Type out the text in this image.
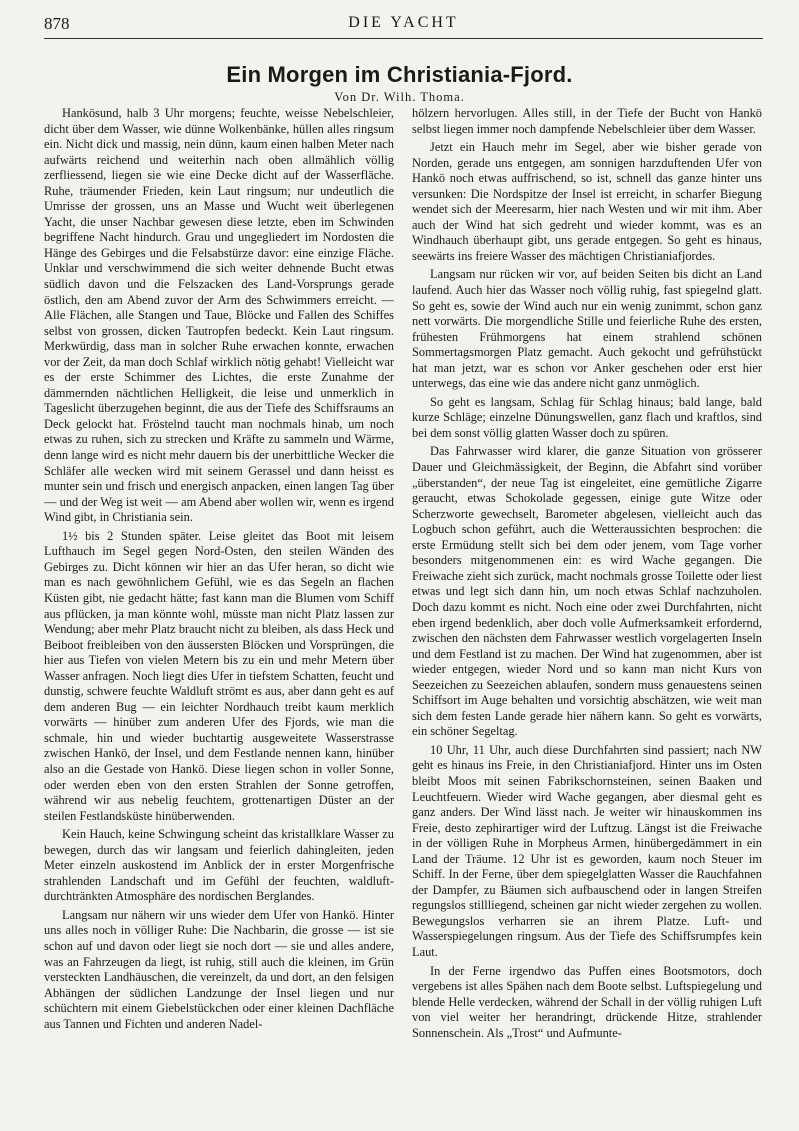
878	DIE YACHT
Ein Morgen im Christiania-Fjord.
Von Dr. Wilh. Thoma.

Hankösund, halb 3 Uhr morgens; feuchte, weisse Nebelschleier, dicht über dem Wasser, wie dünne Wolkenbänke, hüllen alles ringsum ein. Nicht dick und massig, nein dünn, kaum einen halben Meter nach aufwärts reichend und weiterhin nach oben allmählich völlig zerfliessend, liegen sie wie eine Decke dicht auf der Wasserfläche. Ruhe, träumender Frieden, kein Laut ringsum; nur undeutlich die Umrisse der grossen, uns an Masse und Wucht weit überlegenen Yacht, die unser Nachbar gewesen diese letzte, eben im Schwinden begriffene Nacht hindurch. Grau und ungegliedert im Nordosten die Hänge des Gebirges und die Felsabstürze davor: eine einzige Fläche. Unklar und verschwimmend die sich weiter dehnende Bucht etwas südlich davon und die Felszacken des Land-Vorsprungs gerade östlich, den am Abend zuvor der Arm des Schwimmers erreicht. — Alle Flächen, alle Stangen und Taue, Blöcke und Fallen des Schiffes selbst von grossen, dicken Tautropfen bedeckt. Kein Laut ringsum. Merkwürdig, dass man in solcher Ruhe erwachen konnte, erwachen vor der Zeit, da man doch Schlaf wirklich nötig gehabt! Vielleicht war es der erste Schimmer des Lichtes, die erste Zunahme der dämmernden nächtlichen Helligkeit, die leise und unmerklich in Tageslicht überzugehen beginnt, die aus der Tiefe des Schiffsraums an Deck gelockt hat. Fröstelnd taucht man nochmals hinab, um noch etwas zu ruhen, sich zu strecken und Kräfte zu sammeln und Wärme, denn lange wird es nicht mehr dauern bis der unerbittliche Wecker die Schläfer alle wecken wird mit seinem Gerassel und dann heisst es munter sein und frisch und energisch anpacken, einen langen Tag über — und der Weg ist weit — am Abend aber wollen wir, wenn es irgend Wind gibt, in Christiania sein.

1½ bis 2 Stunden später. Leise gleitet das Boot mit leisem Lufthauch im Segel gegen Nord-Osten, den steilen Wänden des Gebirges zu. Dicht können wir hier an das Ufer heran, so dicht wie man es nach gewöhnlichem Gefühl, wie es das Segeln an flachen Küsten gibt, nie gedacht hätte; fast kann man die Blumen vom Schiff aus pflücken, ja man könnte wohl, müsste man nicht Platz lassen zur Wendung; aber mehr Platz braucht nicht zu bleiben, als dass Heck und Beiboot freibleiben von den äussersten Blöcken und Vorsprüngen, die hier aus Tiefen von vielen Metern bis zu ein und mehr Metern über Wasser anfragen. Noch liegt dies Ufer in tiefstem Schatten, feucht und dunstig, schwere feuchte Waldluft strömt es aus, aber dann geht es auf dem anderen Bug — ein leichter Nordhauch treibt kaum merklich vorwärts — hinüber zum anderen Ufer des Fjords, wie man die schmale, hin und wieder buchtartig ausgeweitete Wasserstrasse zwischen Hankö, der Insel, und dem Festlande nennen kann, hinüber also an die Gestade von Hankö. Diese liegen schon in voller Sonne, oder werden eben von den ersten Strahlen der Sonne getroffen, während wir aus nebelig feuchtem, grottenartigen Düster an der steilen Festlandsküste hinüberwenden.

Kein Hauch, keine Schwingung scheint das kristallklare Wasser zu bewegen, durch das wir langsam und feierlich dahingleiten, jeden Meter einzeln auskostend im Anblick der in erster Morgenfrische strahlenden Landschaft und im Gefühl der feuchten, waldluft-durchtränkten Atmosphäre des nordischen Berglandes.

Langsam nur nähern wir uns wieder dem Ufer von Hankö. Hinter uns alles noch in völliger Ruhe: Die Nachbarin, die grosse — ist sie schon auf und davon oder liegt sie noch dort — sie und alles andere, was an Fahrzeugen da liegt, ist ruhig, still auch die kleinen, im Grün versteckten Landhäuschen, die vereinzelt, da und dort, an den felsigen Abhängen der südlichen Landzunge der Insel liegen und nur schüchtern mit einem Giebelstückchen oder einer kleinen Dachfläche aus Tannen und Fichten und anderen Nadel-

hölzern hervorlugen. Alles still, in der Tiefe der Bucht von Hankö selbst liegen immer noch dampfende Nebelschleier über dem Wasser.

Jetzt ein Hauch mehr im Segel, aber wie bisher gerade von Norden, gerade uns entgegen, am sonnigen harzduftenden Ufer von Hankö noch etwas auffrischend, so ist, schnell das ganze hinter uns versunken: Die Nordspitze der Insel ist erreicht, in scharfer Biegung wendet sich der Meeresarm, hier nach Westen und wir mit ihm. Aber auch der Wind hat sich gedreht und wieder kommt, was es an Windhauch überhaupt gibt, uns gerade entgegen. So geht es hinaus, seewärts ins freiere Wasser des mächtigen Christianiafjordes.

Langsam nur rücken wir vor, auf beiden Seiten bis dicht an Land laufend. Auch hier das Wasser noch völlig ruhig, fast spiegelnd glatt. So geht es, sowie der Wind auch nur ein wenig zunimmt, schon ganz nett vorwärts. Die morgendliche Stille und feierliche Ruhe des ersten, frühesten Frühmorgens hat einem strahlend schönen Sommertagsmorgen Platz gemacht. Auch gekocht und gefrühstückt hat man jetzt, war es schon vor Anker geschehen oder erst hier unterwegs, das eine wie das andere nicht ganz unmöglich.

So geht es langsam, Schlag für Schlag hinaus; bald lange, bald kurze Schläge; einzelne Dünungswellen, ganz flach und kraftlos, sind bei dem sonst völlig glatten Wasser doch zu spüren.

Das Fahrwasser wird klarer, die ganze Situation von grösserer Dauer und Gleichmässigkeit, der Beginn, die Abfahrt sind vorüber „überstanden“, der neue Tag ist eingeleitet, eine gemütliche Zigarre geraucht, etwas Schokolade gegessen, einige gute Witze oder Scherzworte gewechselt, Barometer abgelesen, vielleicht auch das Logbuch schon geführt, auch die Wetteraussichten besprochen: die erste Ermüdung stellt sich bei dem oder jenem, vom Tage vorher besonders mitgenommenen ein: es wird Wache gegangen. Die Freiwache zieht sich zurück, macht nochmals grosse Toilette oder liest etwas und legt sich dann hin, um noch etwas Schlaf nachzuholen. Doch dazu kommt es nicht. Noch eine oder zwei Durchfahrten, nicht eben irgend bedenklich, aber doch volle Aufmerksamkeit erfordernd, zwischen den nächsten dem Fahrwasser westlich vorgelagerten Inseln und dem Festland ist zu machen. Der Wind hat zugenommen, aber ist wieder entgegen, wieder Nord und so kann man nicht Kurs von Seezeichen zu Seezeichen ablaufen, sondern muss genauestens seinen Schiffsort im Auge behalten und vorsichtig abschätzen, wie weit man sich dem festen Lande gerade hier nähern kann. So geht es vorwärts, ein schöner Segeltag.

10 Uhr, 11 Uhr, auch diese Durchfahrten sind passiert; nach NW geht es hinaus ins Freie, in den Christianiafjord. Hinter uns im Osten bleibt Moos mit seinen Fabrikschornsteinen, seinen Baaken und Leuchtfeuern. Wieder wird Wache gegangen, aber diesmal geht es ganz anders. Der Wind lässt nach. Je weiter wir hinauskommen ins Freie, desto zephirartiger wird der Luftzug. Längst ist die Freiwache in der völligen Ruhe in Morpheus Armen, hinübergedämmert in ein Land der Träume. 12 Uhr ist es geworden, kaum noch Steuer im Schiff. In der Ferne, über dem spiegelglatten Wasser die Rauchfahnen der Dampfer, zu Bäumen sich aufbauschend oder in langen Streifen regungslos stillliegend, scheinen gar nicht wieder zergehen zu wollen. Bewegungslos verharren sie an ihrem Platze. Luft- und Wasserspiegelungen ringsum. Aus der Tiefe des Schiffsrumpfes kein Laut.

In der Ferne irgendwo das Puffen eines Bootsmotors, doch vergebens ist alles Spähen nach dem Boote selbst. Luftspiegelung und blende Helle verdecken, während der Schall in der völlig ruhigen Luft von viel weiter her herandringt, drückende Hitze, strahlender Sonnenschein. Als „Trost“ und Aufmunte-
